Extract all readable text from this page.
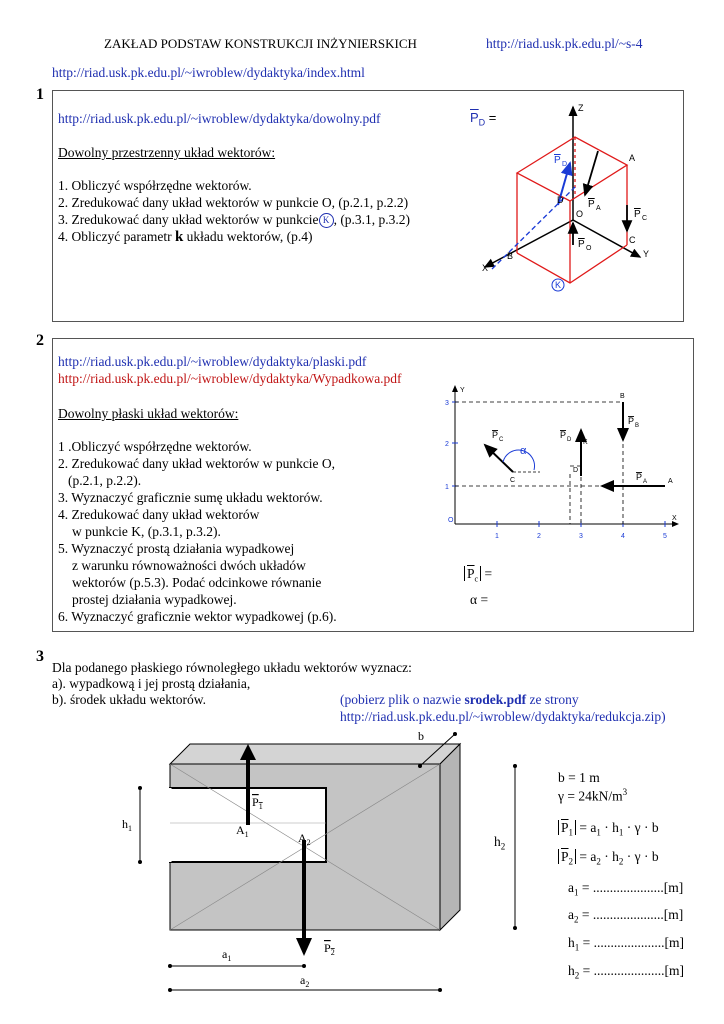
ZAKŁAD PODSTAW KONSTRUKCJI INŻYNIERSKICH	http://riad.usk.pk.edu.pl/~s-4
http://riad.usk.pk.edu.pl/~iwroblew/dydaktyka/index.html
1
http://riad.usk.pk.edu.pl/~iwroblew/dydaktyka/dowolny.pdf
Dowolny przestrzenny układ wektorów:
1. Obliczyć współrzędne wektorów.
2. Zredukować dany układ wektorów w punkcie O, (p.2.1, p.2.2)
3. Zredukować dany układ wektorów w punkcie K , (p.3.1, p.3.2)
4. Obliczyć parametr k układu wektorów, (p.4)
$\overline{P}_D$ =
Z
X
Y
O
A
B
C
D
K
P D
P A
P C
P O
2
http://riad.usk.pk.edu.pl/~iwroblew/dydaktyka/plaski.pdf
http://riad.usk.pk.edu.pl/~iwroblew/dydaktyka/Wypadkowa.pdf
Dowolny płaski układ wektorów:
1 .Obliczyć współrzędne wektorów.
2. Zredukować dany układ wektorów w punkcie O,
(p.2.1, p.2.2).
3. Wyznaczyć graficznie sumę układu wektorów.
4. Zredukować dany układ wektorów
w punkcie K, (p.3.1, p.3.2).
5. Wyznaczyć prostą działania wypadkowej
z warunku równoważności dwóch układów
wektorów (p.5.3). Podać odcinkowe równanie
prostej działania wypadkowej.
6. Wyznaczyć graficznie wektor wypadkowej (p.6).
$\overline{P}_c$ =
α =
1	2	3	4	5
1
2
3
O
Y
X
B
K
D
A
C
α
P B
P D
P A
P C
3
Dla podanego płaskiego równoległego układu wektorów wyznacz:
a). wypadkową i jej prostą działania,
b). środek układu wektorów.	(pobierz plik o nazwie srodek.pdf ze strony
http://riad.usk.pk.edu.pl/~iwroblew/dydaktyka/redukcja.zip)
b
$h_1$
$P_1$
$A_1$	$A_2$
$P_2$
$a_1$
$a_2$
$h_2$
b = 1 m
$\gamma = 24kN/m^3$
$\overline{P}_1 = a_1 \cdot h_1 \cdot \gamma \cdot b$
$\overline{P}_2 = a_2 \cdot h_2 \cdot \gamma \cdot b$
$a_1 = .....................[m]$
$a_2 = .....................[m]$
$h_1 = .....................[m]$
$h_2 = .....................[m]$
